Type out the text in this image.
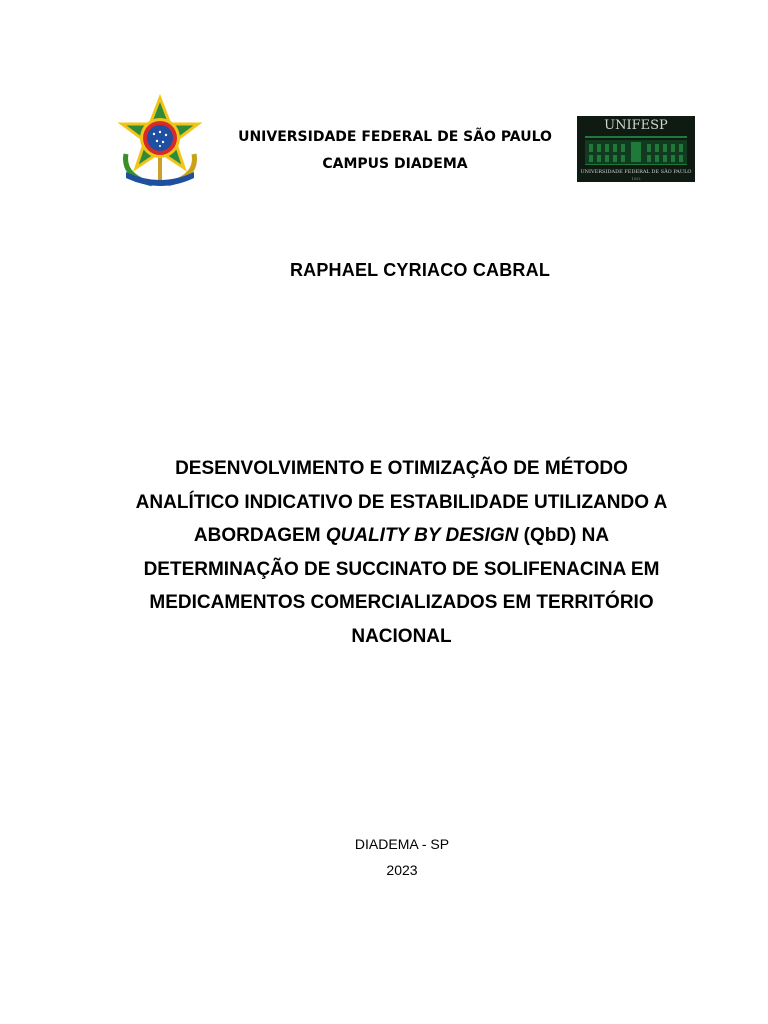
UNIVERSIDADE FEDERAL DE SÃO PAULO
CAMPUS DIADEMA
UNIFESP
UNIVERSIDADE FEDERAL DE SÃO PAULO
1933
RAPHAEL CYRIACO CABRAL
DESENVOLVIMENTO E OTIMIZAÇÃO DE MÉTODO
ANALÍTICO INDICATIVO DE ESTABILIDADE UTILIZANDO A
ABORDAGEM QUALITY BY DESIGN (QbD) NA
DETERMINAÇÃO DE SUCCINATO DE SOLIFENACINA EM
MEDICAMENTOS COMERCIALIZADOS EM TERRITÓRIO
NACIONAL
DIADEMA - SP
2023
